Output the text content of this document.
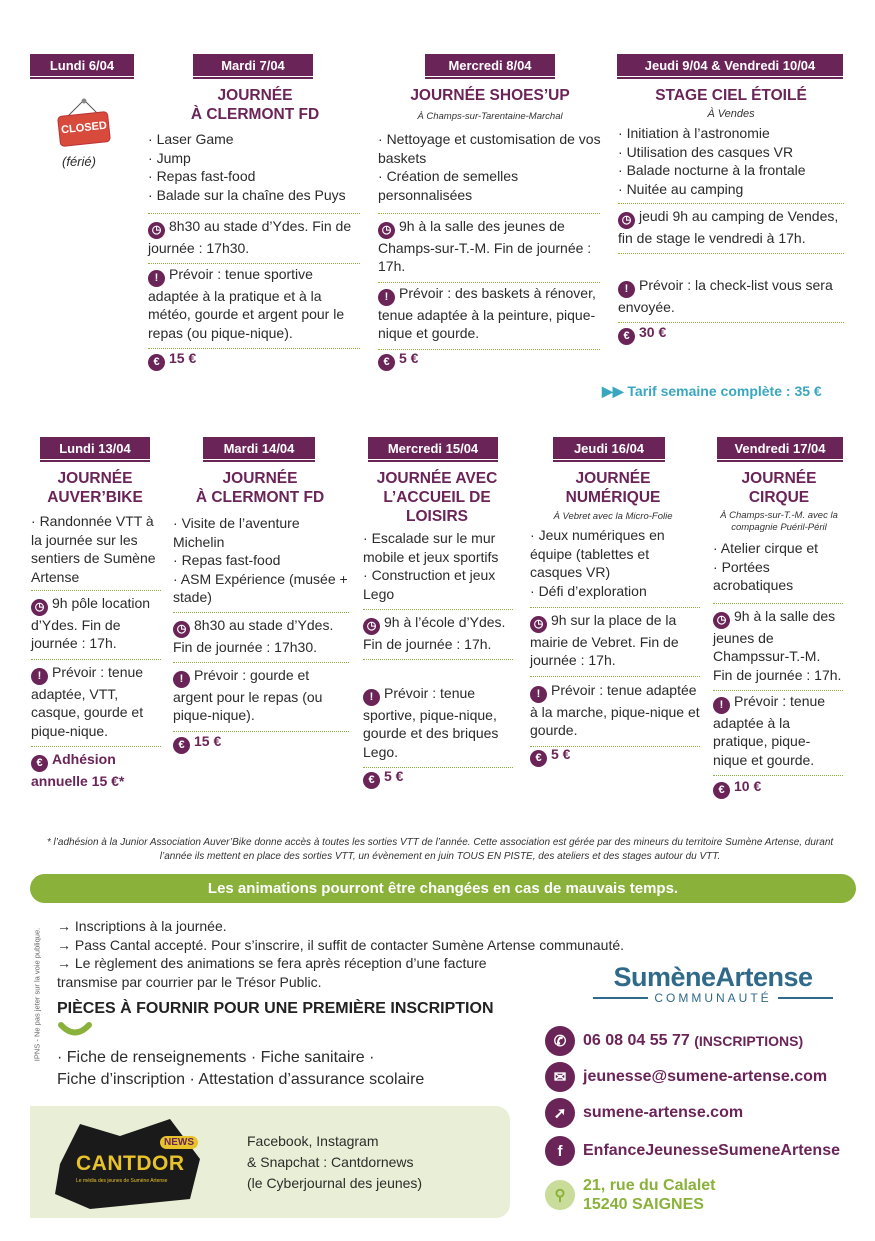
Lundi 6/04
CLOSED
(férié)
Mardi 7/04
JOURNÉE
À CLERMONT FD
· Laser Game
· Jump
· Repas fast-food
· Balade sur la chaîne des Puys
◷ 8h30 au stade d’Ydes. Fin de journée : 17h30.
! Prévoir : tenue sportive adaptée à la pratique et à la météo, gourde et argent pour le repas (ou pique-nique).
€ 15 €
Mercredi 8/04
JOURNÉE SHOES’UP
À Champs-sur-Tarentaine-Marchal
· Nettoyage et customisation de vos baskets
· Création de semelles personnalisées
◷ 9h à la salle des jeunes de Champs-sur-T.-M. Fin de journée : 17h.
! Prévoir : des baskets à rénover, tenue adaptée à la peinture, pique-nique et gourde.
€ 5 €
Jeudi 9/04 & Vendredi 10/04
STAGE CIEL ÉTOILÉ
À Vendes
· Initiation à l’astronomie
· Utilisation des casques VR
· Balade nocturne à la frontale
· Nuitée au camping
◷ jeudi 9h au camping de Vendes, fin de stage le vendredi à 17h.
! Prévoir : la check-list vous sera envoyée.
€ 30 €
▶▶ Tarif semaine complète : 35 €
Lundi 13/04
JOURNÉE
AUVER’BIKE
· Randonnée VTT à la journée sur les sentiers de Sumène Artense
◷ 9h pôle location d’Ydes. Fin de journée : 17h.
! Prévoir : tenue adaptée, VTT, casque, gourde et pique-nique.
€ Adhésion annuelle 15 €*
Mardi 14/04
JOURNÉE
À CLERMONT FD
· Visite de l’aventure Michelin
· Repas fast-food
· ASM Expérience (musée + stade)
◷ 8h30 au stade d’Ydes. Fin de journée : 17h30.
! Prévoir : gourde et argent pour le repas (ou pique-nique).
€ 15 €
Mercredi 15/04
JOURNÉE AVEC
L’ACCUEIL DE
LOISIRS
· Escalade sur le mur mobile et jeux sportifs
· Construction et jeux Lego
◷ 9h à l’école d’Ydes. Fin de journée : 17h.
! Prévoir : tenue sportive, pique-nique, gourde et des briques Lego.
€ 5 €
Jeudi 16/04
JOURNÉE
NUMÉRIQUE
À Vebret avec la Micro-Folie
· Jeux numériques en équipe (tablettes et casques VR)
· Défi d’exploration
◷ 9h sur la place de la mairie de Vebret. Fin de journée : 17h.
! Prévoir : tenue adaptée à la marche, pique-nique et gourde.
€ 5 €
Vendredi 17/04
JOURNÉE
CIRQUE
À Champs-sur-T.-M. avec la compagnie Puéril-Péril
· Atelier cirque et
· Portées acrobatiques
◷ 9h à la salle des jeunes de Champssur-T.-M. Fin de journée : 17h.
! Prévoir : tenue adaptée à la pratique, pique-nique et gourde.
€ 10 €
* l’adhésion à la Junior Association Auver’Bike donne accès à toutes les sorties VTT de l’année. Cette association est gérée par des mineurs du territoire Sumène Artense, durant l’année ils mettent en place des sorties VTT, un évènement en juin TOUS EN PISTE, des ateliers et des stages autour du VTT.
Les animations pourront être changées en cas de mauvais temps.
IPNS - Ne pas jeter sur la voie publique.
→ Inscriptions à la journée.
→ Pass Cantal accepté. Pour s’inscrire, il suffit de contacter Sumène Artense communauté.
→ Le règlement des animations se fera après réception d’une facture transmise par courrier par le Trésor Public.
PIÈCES À FOURNIR POUR UNE PREMIÈRE INSCRIPTION
· Fiche de renseignements · Fiche sanitaire ·
Fiche d’inscription · Attestation d’assurance scolaire
NEWS
CANTDOR
Le média des jeunes de Sumène Artense
Facebook, Instagram
& Snapchat : Cantdornews
(le Cyberjournal des jeunes)
SumèneArtense
COMMUNAUTÉ
✆	06 08 04 55 77
(INSCRIPTIONS)
✉	jeunesse@sumene-artense.com
➚	sumene-artense.com
f	EnfanceJeunesseSumeneArtense
⚲
21, rue du Calalet
15240 SAIGNES
